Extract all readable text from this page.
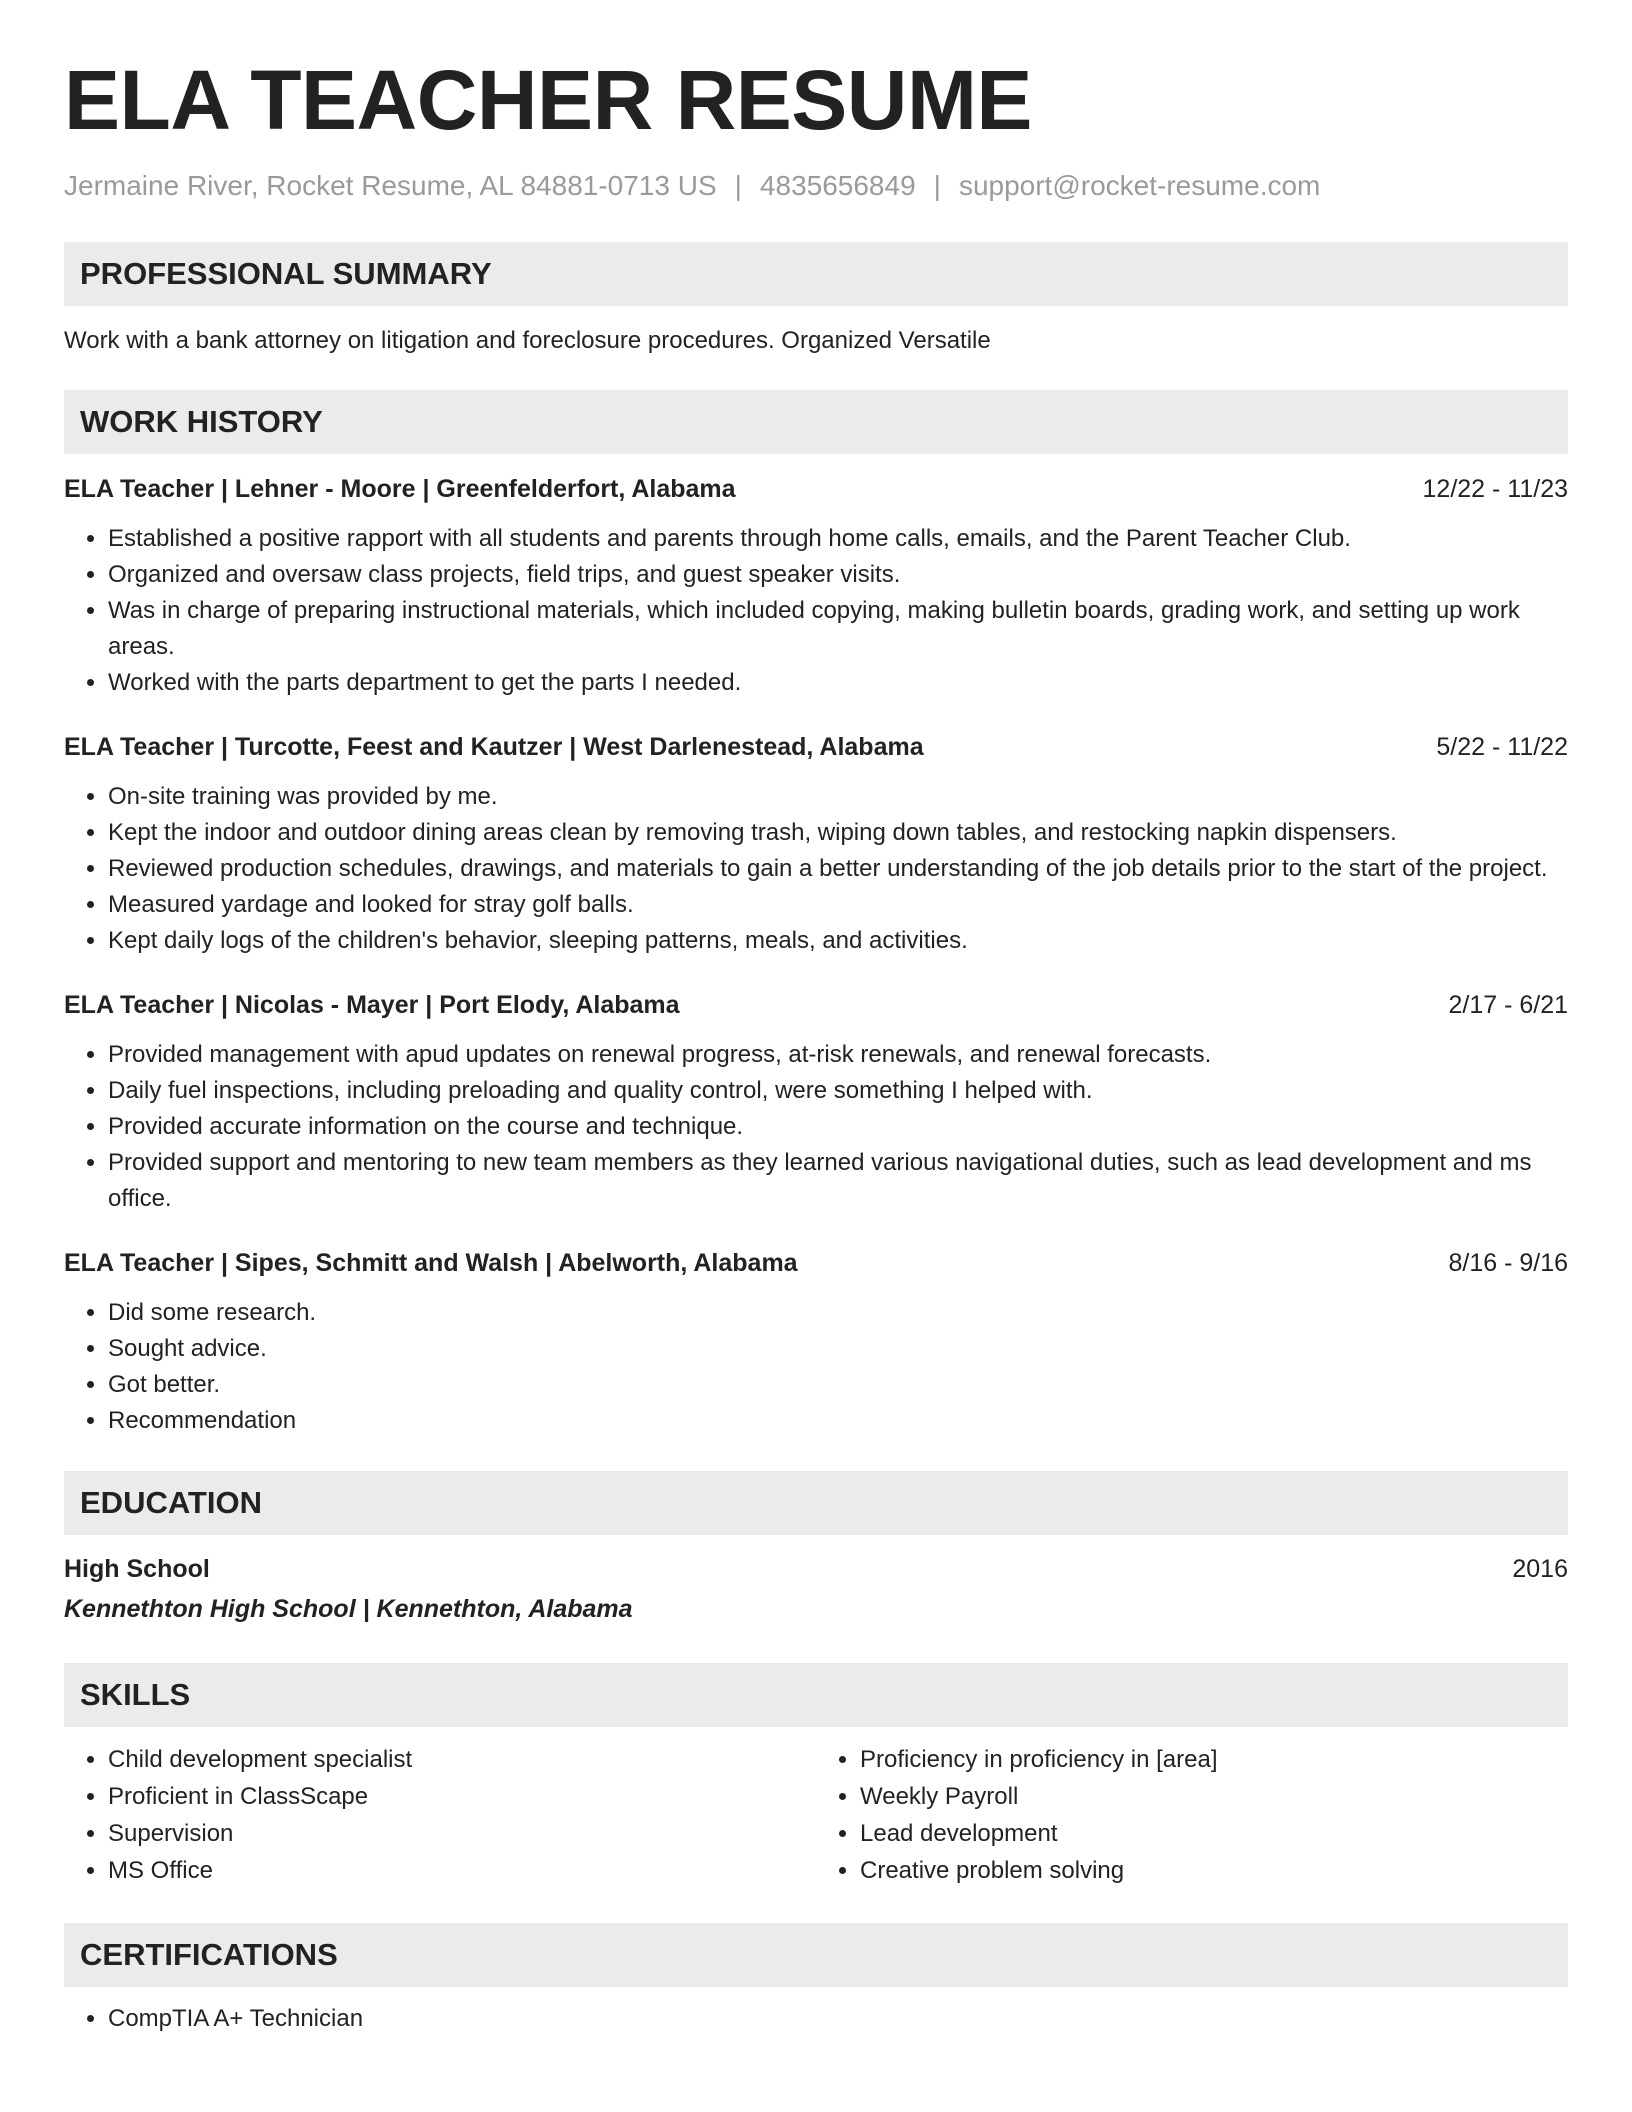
ELA TEACHER RESUME
Jermaine River, Rocket Resume, AL 84881-0713 US | 4835656849 | support@rocket-resume.com
PROFESSIONAL SUMMARY
Work with a bank attorney on litigation and foreclosure procedures. Organized Versatile
WORK HISTORY
ELA Teacher | Lehner - Moore | Greenfelderfort, Alabama	12/22 - 11/23
• Established a positive rapport with all students and parents through home calls, emails, and the Parent Teacher Club.
• Organized and oversaw class projects, field trips, and guest speaker visits.
• Was in charge of preparing instructional materials, which included copying, making bulletin boards, grading work, and setting up work areas.
• Worked with the parts department to get the parts I needed.
ELA Teacher | Turcotte, Feest and Kautzer | West Darlenestead, Alabama	5/22 - 11/22
• On-site training was provided by me.
• Kept the indoor and outdoor dining areas clean by removing trash, wiping down tables, and restocking napkin dispensers.
• Reviewed production schedules, drawings, and materials to gain a better understanding of the job details prior to the start of the project.
• Measured yardage and looked for stray golf balls.
• Kept daily logs of the children's behavior, sleeping patterns, meals, and activities.
ELA Teacher | Nicolas - Mayer | Port Elody, Alabama	2/17 - 6/21
• Provided management with apud updates on renewal progress, at-risk renewals, and renewal forecasts.
• Daily fuel inspections, including preloading and quality control, were something I helped with.
• Provided accurate information on the course and technique.
• Provided support and mentoring to new team members as they learned various navigational duties, such as lead development and ms office.
ELA Teacher | Sipes, Schmitt and Walsh | Abelworth, Alabama	8/16 - 9/16
• Did some research.
• Sought advice.
• Got better.
• Recommendation
EDUCATION
High School	2016
Kennethton High School | Kennethton, Alabama
SKILLS
• Child development specialist
• Proficient in ClassScape
• Supervision
• MS Office
• Proficiency in proficiency in [area]
• Weekly Payroll
• Lead development
• Creative problem solving
CERTIFICATIONS
• CompTIA A+ Technician
